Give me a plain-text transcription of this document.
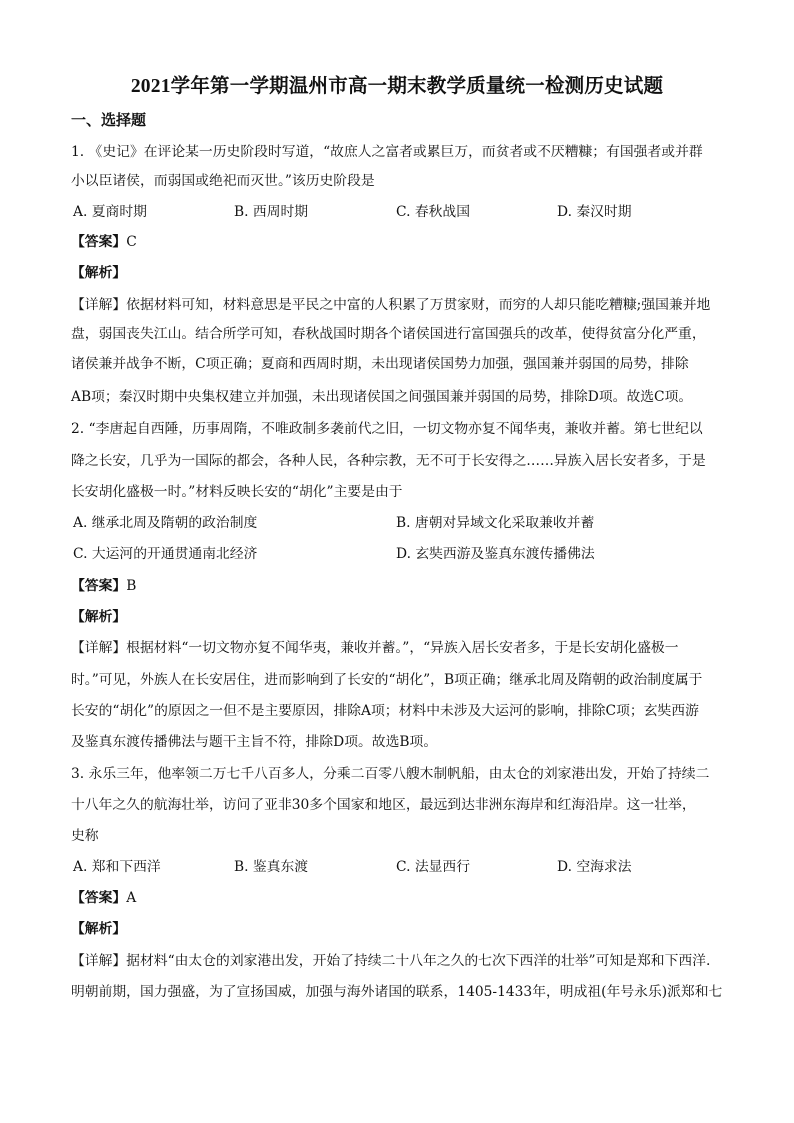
2021学年第一学期温州市高一期末教学质量统一检测历史试题
一、选择题
1. 《史记》在评论某一历史阶段时写道，“故庶人之富者或累巨万，而贫者或不厌糟糠；有国强者或并群
小以臣诸侯，而弱国或绝祀而灭世。”该历史阶段是
A. 夏商时期	B. 西周时期	C. 春秋战国	D. 秦汉时期
【答案】C
【解析】
【详解】依据材料可知，材料意思是平民之中富的人积累了万贯家财，而穷的人却只能吃糟糠;强国兼并地
盘，弱国丧失江山。结合所学可知，春秋战国时期各个诸侯国进行富国强兵的改革，使得贫富分化严重，
诸侯兼并战争不断，C项正确；夏商和西周时期，未出现诸侯国势力加强，强国兼并弱国的局势，排除
AB项；秦汉时期中央集权建立并加强，未出现诸侯国之间强国兼并弱国的局势，排除D项。故选C项。
2. “李唐起自西陲，历事周隋，不唯政制多袭前代之旧，一切文物亦复不闻华夷，兼收并蓄。第七世纪以
降之长安，几乎为一国际的都会，各种人民，各种宗教，无不可于长安得之……异族入居长安者多，于是
长安胡化盛极一时。”材料反映长安的“胡化”主要是由于
A. 继承北周及隋朝的政治制度	B. 唐朝对异域文化采取兼收并蓄
C. 大运河的开通贯通南北经济	D. 玄奘西游及鉴真东渡传播佛法
【答案】B
【解析】
【详解】根据材料“一切文物亦复不闻华夷，兼收并蓄。”，“异族入居长安者多，于是长安胡化盛极一
时。”可见，外族人在长安居住，进而影响到了长安的“胡化”，B项正确；继承北周及隋朝的政治制度属于
长安的“胡化”的原因之一但不是主要原因，排除A项；材料中未涉及大运河的影响，排除C项；玄奘西游
及鉴真东渡传播佛法与题干主旨不符，排除D项。故选B项。
3. 永乐三年，他率领二万七千八百多人，分乘二百零八艘木制帆船，由太仓的刘家港出发，开始了持续二
十八年之久的航海壮举，访问了亚非30多个国家和地区，最远到达非洲东海岸和红海沿岸。这一壮举，
史称
A. 郑和下西洋	B. 鉴真东渡	C. 法显西行	D. 空海求法
【答案】A
【解析】
【详解】据材料“由太仓的刘家港出发，开始了持续二十八年之久的七次下西洋的壮举”可知是郑和下西洋.
明朝前期，国力强盛，为了宣扬国威，加强与海外诸国的联系，1405-1433年，明成祖(年号永乐)派郑和七
